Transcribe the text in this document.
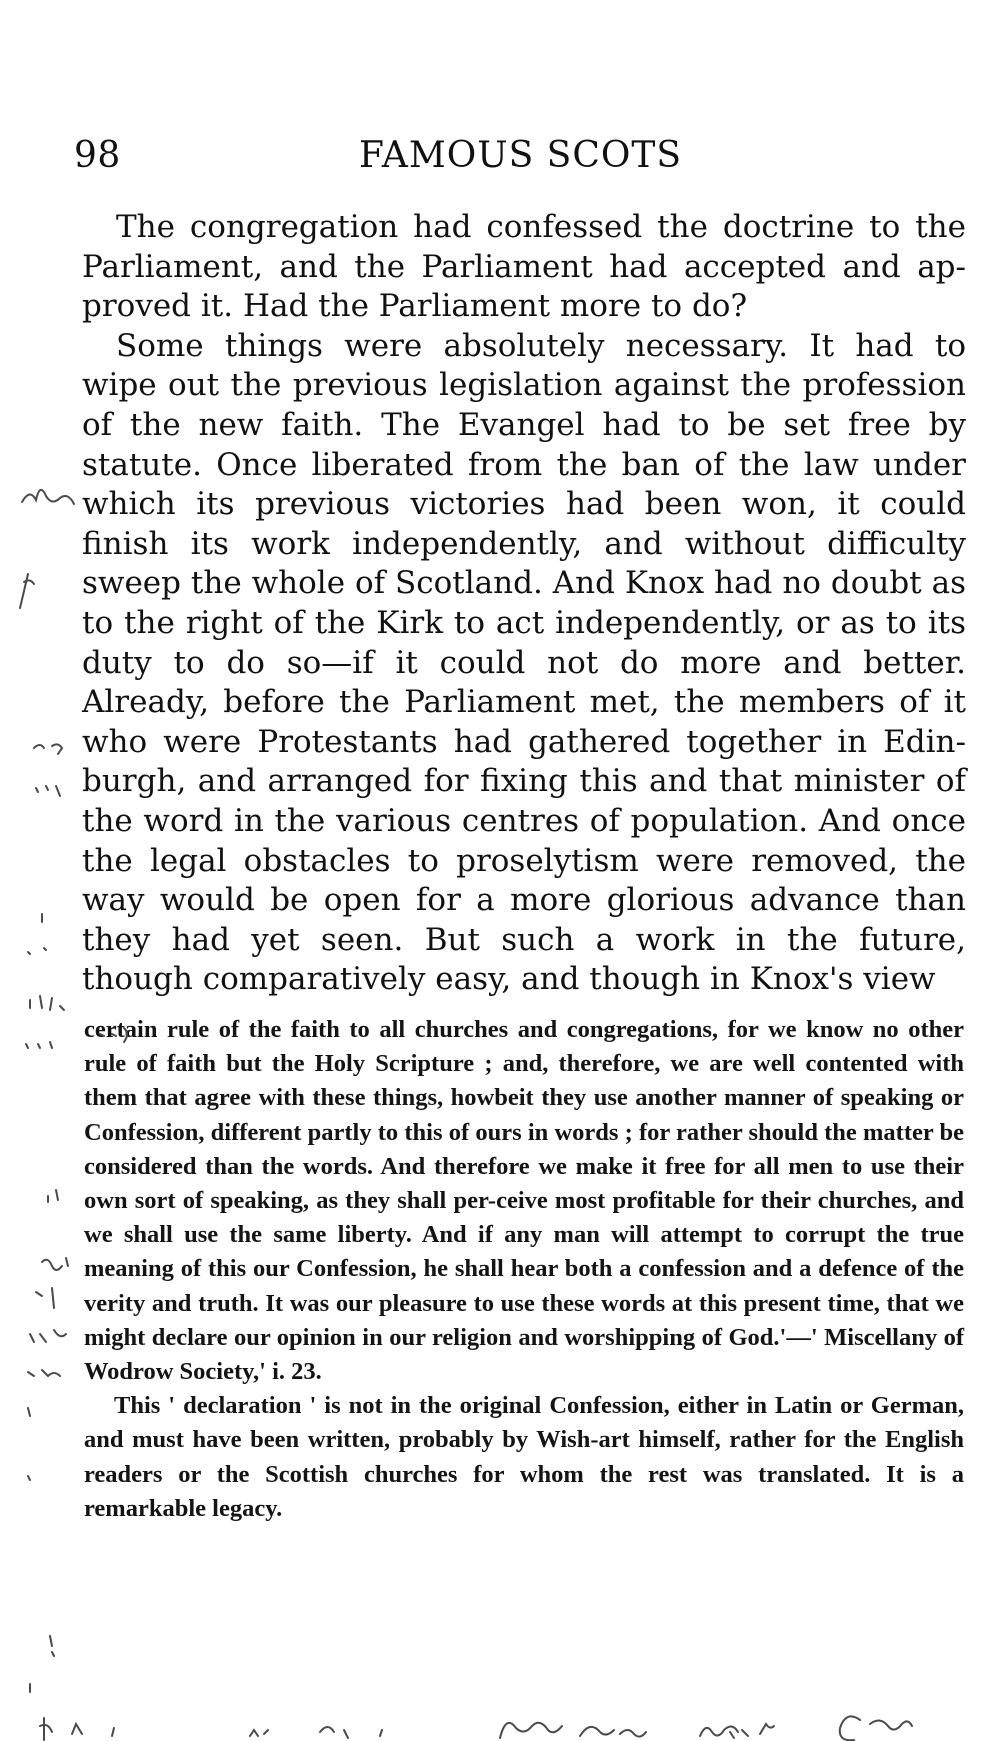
98	FAMOUS SCOTS

The congregation had confessed the doctrine to the Parliament, and the Parliament had accepted and ap-proved it. Had the Parliament more to do?

Some things were absolutely necessary. It had to wipe out the previous legislation against the profession of the new faith. The Evangel had to be set free by statute. Once liberated from the ban of the law under which its previous victories had been won, it could finish its work independently, and without difficulty sweep the whole of Scotland. And Knox had no doubt as to the right of the Kirk to act independently, or as to its duty to do so—if it could not do more and better. Already, before the Parliament met, the members of it who were Protestants had gathered together in Edin-burgh, and arranged for fixing this and that minister of the word in the various centres of population. And once the legal obstacles to proselytism were removed, the way would be open for a more glorious advance than they had yet seen. But such a work in the future, though comparatively easy, and though in Knox's view

certain rule of the faith to all churches and congregations, for we know no other rule of faith but the Holy Scripture ; and, therefore, we are well contented with them that agree with these things, howbeit they use another manner of speaking or Confession, different partly to this of ours in words ; for rather should the matter be considered than the words. And therefore we make it free for all men to use their own sort of speaking, as they shall per-ceive most profitable for their churches, and we shall use the same liberty. And if any man will attempt to corrupt the true meaning of this our Confession, he shall hear both a confession and a defence of the verity and truth. It was our pleasure to use these words at this present time, that we might declare our opinion in our religion and worshipping of God.'—' Miscellany of Wodrow Society,' i. 23.

This ' declaration ' is not in the original Confession, either in Latin or German, and must have been written, probably by Wish-art himself, rather for the English readers or the Scottish churches for whom the rest was translated. It is a remarkable legacy.
